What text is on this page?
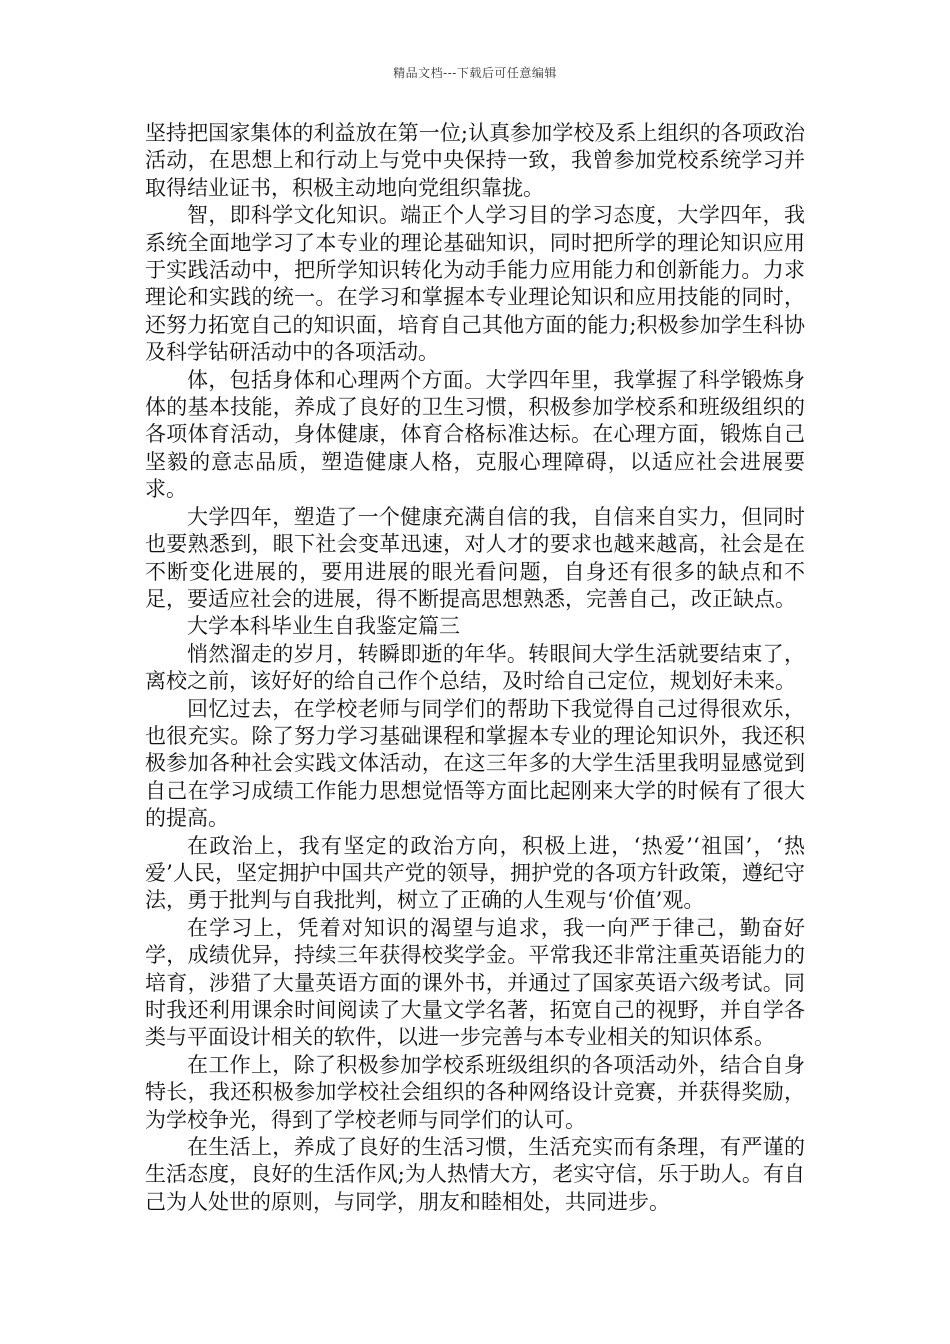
精品文档---下载后可任意编辑

坚持把国家集体的利益放在第一位;认真参加学校及系上组织的各项政治活动，在思想上和行动上与党中央保持一致，我曾参加党校系统学习并取得结业证书，积极主动地向党组织靠拢。

智，即科学文化知识。端正个人学习目的学习态度，大学四年，我系统全面地学习了本专业的理论基础知识，同时把所学的理论知识应用于实践活动中，把所学知识转化为动手能力应用能力和创新能力。力求理论和实践的统一。在学习和掌握本专业理论知识和应用技能的同时，还努力拓宽自己的知识面，培育自己其他方面的能力;积极参加学生科协及科学钻研活动中的各项活动。

体，包括身体和心理两个方面。大学四年里，我掌握了科学锻炼身体的基本技能，养成了良好的卫生习惯，积极参加学校系和班级组织的各项体育活动，身体健康，体育合格标准达标。在心理方面，锻炼自己坚毅的意志品质，塑造健康人格，克服心理障碍，以适应社会进展要求。

大学四年，塑造了一个健康充满自信的我，自信来自实力，但同时也要熟悉到，眼下社会变革迅速，对人才的要求也越来越高，社会是在不断变化进展的，要用进展的眼光看问题，自身还有很多的缺点和不足，要适应社会的进展，得不断提高思想熟悉，完善自己，改正缺点。

大学本科毕业生自我鉴定篇三

悄然溜走的岁月，转瞬即逝的年华。转眼间大学生活就要结束了，离校之前，该好好的给自己作个总结，及时给自己定位，规划好未来。

回忆过去，在学校老师与同学们的帮助下我觉得自己过得很欢乐，也很充实。除了努力学习基础课程和掌握本专业的理论知识外，我还积极参加各种社会实践文体活动，在这三年多的大学生活里我明显感觉到自己在学习成绩工作能力思想觉悟等方面比起刚来大学的时候有了很大的提高。

在政治上，我有坚定的政治方向，积极上进，‘热爱’‘祖国’，‘热爱’人民，坚定拥护中国共产党的领导，拥护党的各项方针政策，遵纪守法，勇于批判与自我批判，树立了正确的人生观与‘价值’观。

在学习上，凭着对知识的渴望与追求，我一向严于律己，勤奋好学，成绩优异，持续三年获得校奖学金。平常我还非常注重英语能力的培育，涉猎了大量英语方面的课外书，并通过了国家英语六级考试。同时我还利用课余时间阅读了大量文学名著，拓宽自己的视野，并自学各类与平面设计相关的软件，以进一步完善与本专业相关的知识体系。

在工作上，除了积极参加学校系班级组织的各项活动外，结合自身特长，我还积极参加学校社会组织的各种网络设计竞赛，并获得奖励，为学校争光，得到了学校老师与同学们的认可。

在生活上，养成了良好的生活习惯，生活充实而有条理，有严谨的生活态度，良好的生活作风;为人热情大方，老实守信，乐于助人。有自己为人处世的原则，与同学，朋友和睦相处，共同进步。
